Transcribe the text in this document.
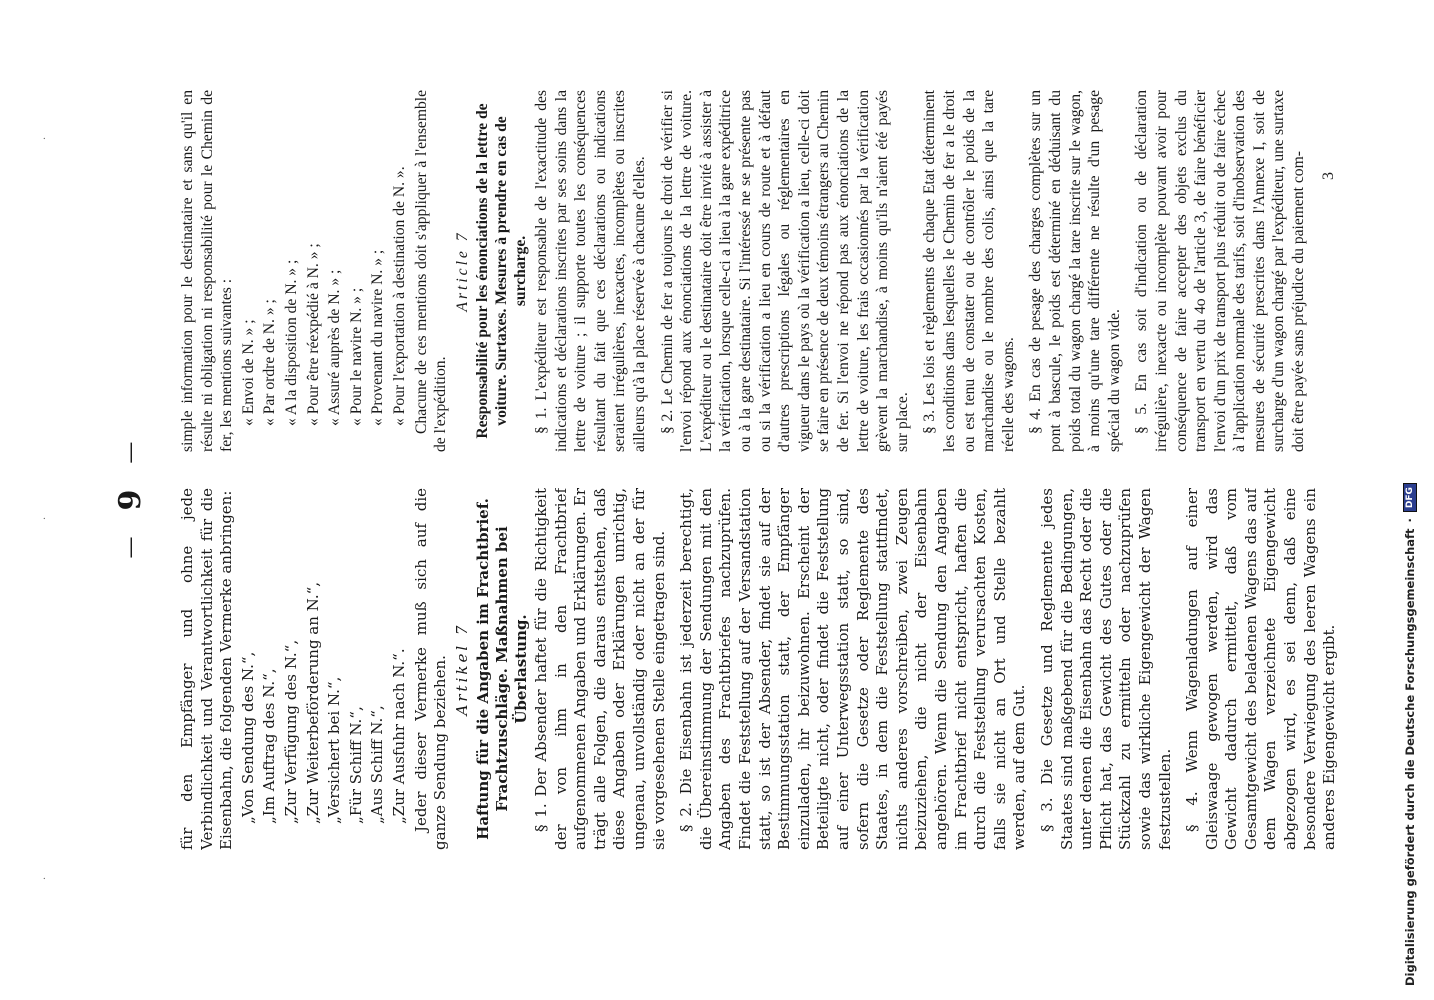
·
·
·
—
9
—

für den Empfänger und ohne jede Verbindlichkeit und Verantwortlichkeit für die Eisenbahn, die folgenden Vermerke anbringen: „Von Sendung des N.“, „Im Auftrag des N.“, „Zur Verfügung des N.“, „Zur Weiterbeförderung an N.“, „Versichert bei N.“, „Für Schiff N.“, „Aus Schiff N.“, „Zur Ausfuhr nach N.“. Jeder dieser Vermerke muß sich auf die ganze Sendung beziehen. Artikel 7 Haftung für die Angaben im Frachtbrief. Frachtzuschläge. Maßnahmen bei Überlastung. § 1. Der Absender haftet für die Richtigkeit der von ihm in den Frachtbrief aufgenommenen Angaben und Erklärungen. Er trägt alle Folgen, die daraus entstehen, daß diese Angaben oder Erklärungen unrichtig, ungenau, unvollständig oder nicht an der für sie vorgesehenen Stelle eingetragen sind. § 2. Die Eisenbahn ist jederzeit berechtigt, die Übereinstimmung der Sendungen mit den Angaben des Frachtbriefes nachzuprüfen. Findet die Feststellung auf der Versandstation statt, so ist der Absender, findet sie auf der Bestimmungsstation statt, der Empfänger einzuladen, ihr beizuwohnen. Erscheint der Beteiligte nicht, oder findet die Feststellung auf einer Unterwegsstation statt, so sind, sofern die Gesetze oder Reglemente des Staates, in dem die Feststellung stattfindet, nichts anderes vorschreiben, zwei Zeugen beizuziehen, die nicht der Eisenbahn angehören. Wenn die Sendung den Angaben im Frachtbrief nicht entspricht, haften die durch die Feststellung verursachten Kosten, falls sie nicht an Ort und Stelle bezahlt werden, auf dem Gut. § 3. Die Gesetze und Reglemente jedes Staates sind maßgebend für die Bedingungen, unter denen die Eisenbahn das Recht oder die Pflicht hat, das Gewicht des Gutes oder die Stückzahl zu ermitteln oder nachzuprüfen sowie das wirkliche Eigengewicht der Wagen festzustellen. § 4. Wenn Wagenladungen auf einer Gleiswaage gewogen werden, wird das Gewicht dadurch ermittelt, daß vom Gesamtgewicht des beladenen Wagens das auf dem Wagen verzeichnete Eigengewicht abgezogen wird, es sei denn, daß eine besondere Verwiegung des leeren Wagens ein anderes Eigengewicht ergibt.

simple information pour le destinataire et sans qu'il en résulte ni obligation ni responsabilité pour le Chemin de fer, les mentions suivantes : « Envoi de N. » ; « Par ordre de N. » ; « A la disposition de N. » ; « Pour être réexpédié à N. » ; « Assuré auprès de N. » ; « Pour le navire N. » ; « Provenant du navire N. » ; « Pour l'exportation à destination de N. ». Chacune de ces mentions doit s'appliquer à l'ensemble de l'expédition.

Article 7 Responsabilité pour les énonciations de la lettre de voiture. Surtaxes. Mesures à prendre en cas de surcharge. § 1. L'expéditeur est responsable de l'exactitude des indications et déclarations inscrites par ses soins dans la lettre de voiture ; il supporte toutes les conséquences résultant du fait que ces déclarations ou indications seraient irrégulières, inexactes, incomplètes ou inscrites ailleurs qu'à la place réservée à chacune d'elles. § 2. Le Chemin de fer a toujours le droit de vérifier si l'envoi répond aux énonciations de la lettre de voiture. L'expéditeur ou le destinataire doit être invité à assister à la vérification, lorsque celle-ci a lieu à la gare expéditrice ou à la gare destinataire. Si l'intéressé ne se présente pas ou si la vérification a lieu en cours de route et à défaut d'autres prescriptions légales ou réglementaires en vigueur dans le pays où la vérification a lieu, celle-ci doit se faire en présence de deux témoins étrangers au Chemin de fer. Si l'envoi ne répond pas aux énonciations de la lettre de voiture, les frais occasionnés par la vérification grèvent la marchandise, à moins qu'ils n'aient été payés sur place. § 3. Les lois et règlements de chaque Etat déterminent les conditions dans lesquelles le Chemin de fer a le droit ou est tenu de constater ou de contrôler le poids de la marchandise ou le nombre des colis, ainsi que la tare réelle des wagons. § 4. En cas de pesage des charges complètes sur un pont à bascule, le poids est déterminé en déduisant du poids total du wagon chargé la tare inscrite sur le wagon, à moins qu'une tare différente ne résulte d'un pesage spécial du wagon vide. § 5. En cas soit d'indication ou de déclaration irrégulière, inexacte ou incomplète pouvant avoir pour conséquence de faire accepter des objets exclus du transport en vertu du 4o de l'article 3, de faire bénéficier l'envoi d'un prix de transport plus réduit ou de faire échec à l'application normale des tarifs, soit d'inobservation des mesures de sécurité prescrites dans l'Annexe I, soit de surcharge d'un wagon chargé par l'expéditeur, une surtaxe doit être payée sans préjudice du paiement com- 3
Digitalisierung gefördert durch die Deutsche Forschungsgemeinschaft
·
DFG
